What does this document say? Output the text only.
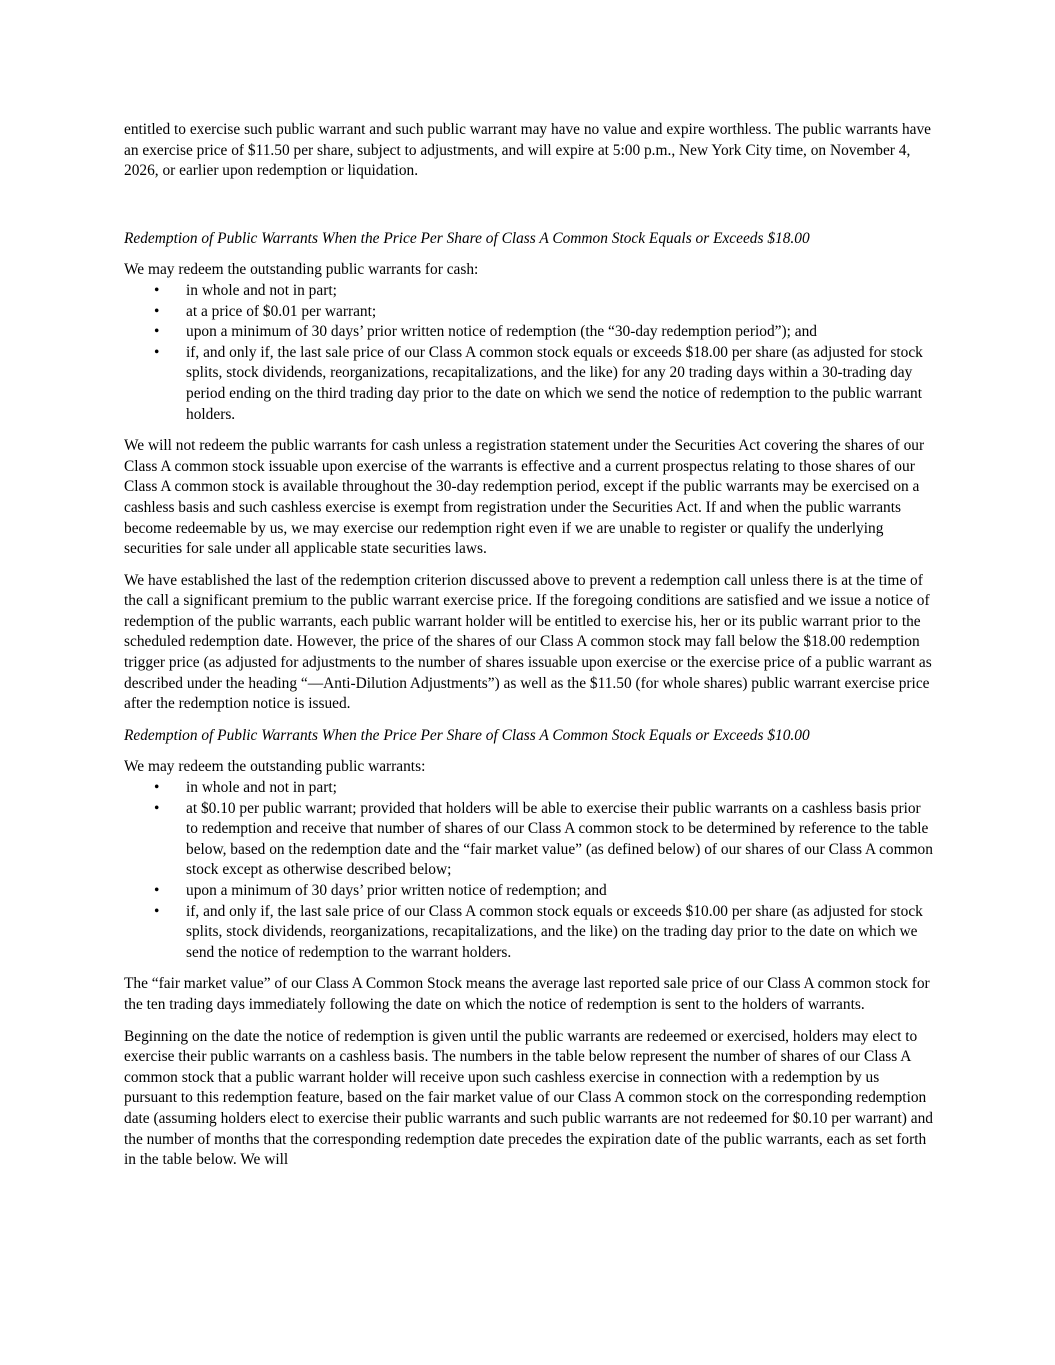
entitled to exercise such public warrant and such public warrant may have no value and expire worthless. The public warrants have an exercise price of $11.50 per share, subject to adjustments, and will expire at 5:00 p.m., New York City time, on November 4, 2026, or earlier upon redemption or liquidation.

Redemption of Public Warrants When the Price Per Share of Class A Common Stock Equals or Exceeds $18.00

We may redeem the outstanding public warrants for cash:

• in whole and not in part;
• at a price of $0.01 per warrant;
• upon a minimum of 30 days’ prior written notice of redemption (the “30-day redemption period”); and
• if, and only if, the last sale price of our Class A common stock equals or exceeds $18.00 per share (as adjusted for stock splits, stock dividends, reorganizations, recapitalizations, and the like) for any 20 trading days within a 30-trading day period ending on the third trading day prior to the date on which we send the notice of redemption to the public warrant holders.

We will not redeem the public warrants for cash unless a registration statement under the Securities Act covering the shares of our Class A common stock issuable upon exercise of the warrants is effective and a current prospectus relating to those shares of our Class A common stock is available throughout the 30-day redemption period, except if the public warrants may be exercised on a cashless basis and such cashless exercise is exempt from registration under the Securities Act. If and when the public warrants become redeemable by us, we may exercise our redemption right even if we are unable to register or qualify the underlying securities for sale under all applicable state securities laws.

We have established the last of the redemption criterion discussed above to prevent a redemption call unless there is at the time of the call a significant premium to the public warrant exercise price. If the foregoing conditions are satisfied and we issue a notice of redemption of the public warrants, each public warrant holder will be entitled to exercise his, her or its public warrant prior to the scheduled redemption date. However, the price of the shares of our Class A common stock may fall below the $18.00 redemption trigger price (as adjusted for adjustments to the number of shares issuable upon exercise or the exercise price of a public warrant as described under the heading “—Anti-Dilution Adjustments”) as well as the $11.50 (for whole shares) public warrant exercise price after the redemption notice is issued.

Redemption of Public Warrants When the Price Per Share of Class A Common Stock Equals or Exceeds $10.00

We may redeem the outstanding public warrants:

• in whole and not in part;
• at $0.10 per public warrant; provided that holders will be able to exercise their public warrants on a cashless basis prior to redemption and receive that number of shares of our Class A common stock to be determined by reference to the table below, based on the redemption date and the “fair market value” (as defined below) of our shares of our Class A common stock except as otherwise described below;
• upon a minimum of 30 days’ prior written notice of redemption; and
• if, and only if, the last sale price of our Class A common stock equals or exceeds $10.00 per share (as adjusted for stock splits, stock dividends, reorganizations, recapitalizations, and the like) on the trading day prior to the date on which we send the notice of redemption to the warrant holders.

The “fair market value” of our Class A Common Stock means the average last reported sale price of our Class A common stock for the ten trading days immediately following the date on which the notice of redemption is sent to the holders of warrants.

Beginning on the date the notice of redemption is given until the public warrants are redeemed or exercised, holders may elect to exercise their public warrants on a cashless basis. The numbers in the table below represent the number of shares of our Class A common stock that a public warrant holder will receive upon such cashless exercise in connection with a redemption by us pursuant to this redemption feature, based on the fair market value of our Class A common stock on the corresponding redemption date (assuming holders elect to exercise their public warrants and such public warrants are not redeemed for $0.10 per warrant) and the number of months that the corresponding redemption date precedes the expiration date of the public warrants, each as set forth in the table below. We will
